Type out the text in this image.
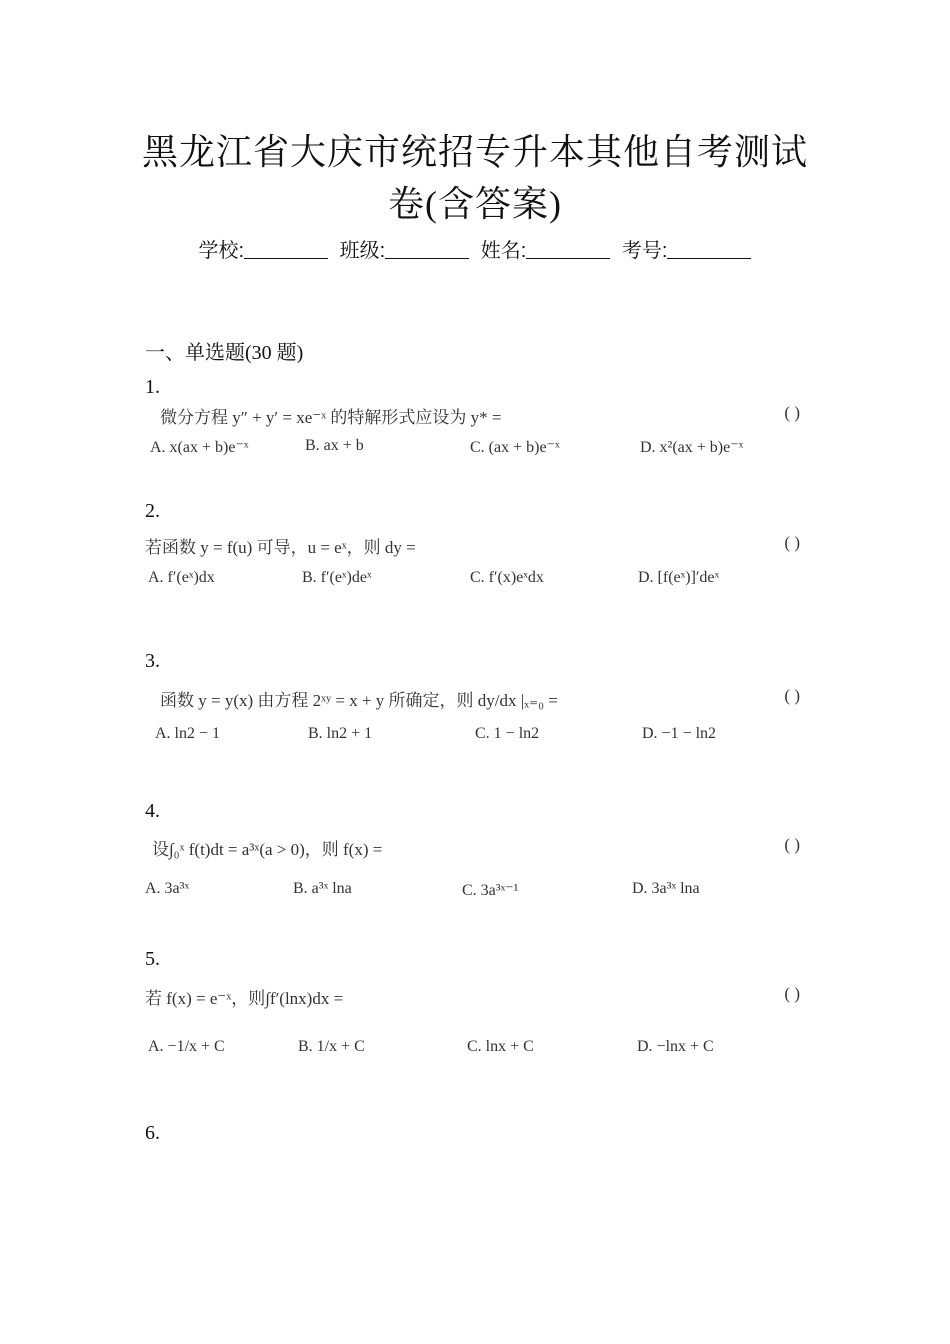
黑龙江省大庆市统招专升本其他自考测试
卷(含答案)
学校:	班级:	姓名:	考号:
一、单选题(30 题)
1.
微分方程 y″ + y′ = xe⁻ˣ 的特解形式应设为 y* =	( )
A. x(ax + b)e⁻ˣ	B. ax + b	C. (ax + b)e⁻ˣ	D. x²(ax + b)e⁻ˣ
2.
若函数 y = f(u) 可导，u = eˣ，则 dy =	( )
A. f′(eˣ)dx	B. f′(eˣ)deˣ	C. f′(x)eˣdx	D. [f(eˣ)]′deˣ
3.
函数 y = y(x) 由方程 2ˣʸ = x + y 所确定，则 dy/dx |ₓ₌₀ =	( )
A. ln2 − 1	B. ln2 + 1	C. 1 − ln2	D. −1 − ln2
4.
设∫₀ˣ f(t)dt = a³ˣ(a > 0)，则 f(x) =	( )
A. 3a³ˣ	B. a³ˣ lna	C. 3a³ˣ⁻¹	D. 3a³ˣ lna
5.
若 f(x) = e⁻ˣ，则∫f′(lnx)dx =	( )
A. −1/x + C	B. 1/x + C	C. lnx + C	D. −lnx + C
6.
